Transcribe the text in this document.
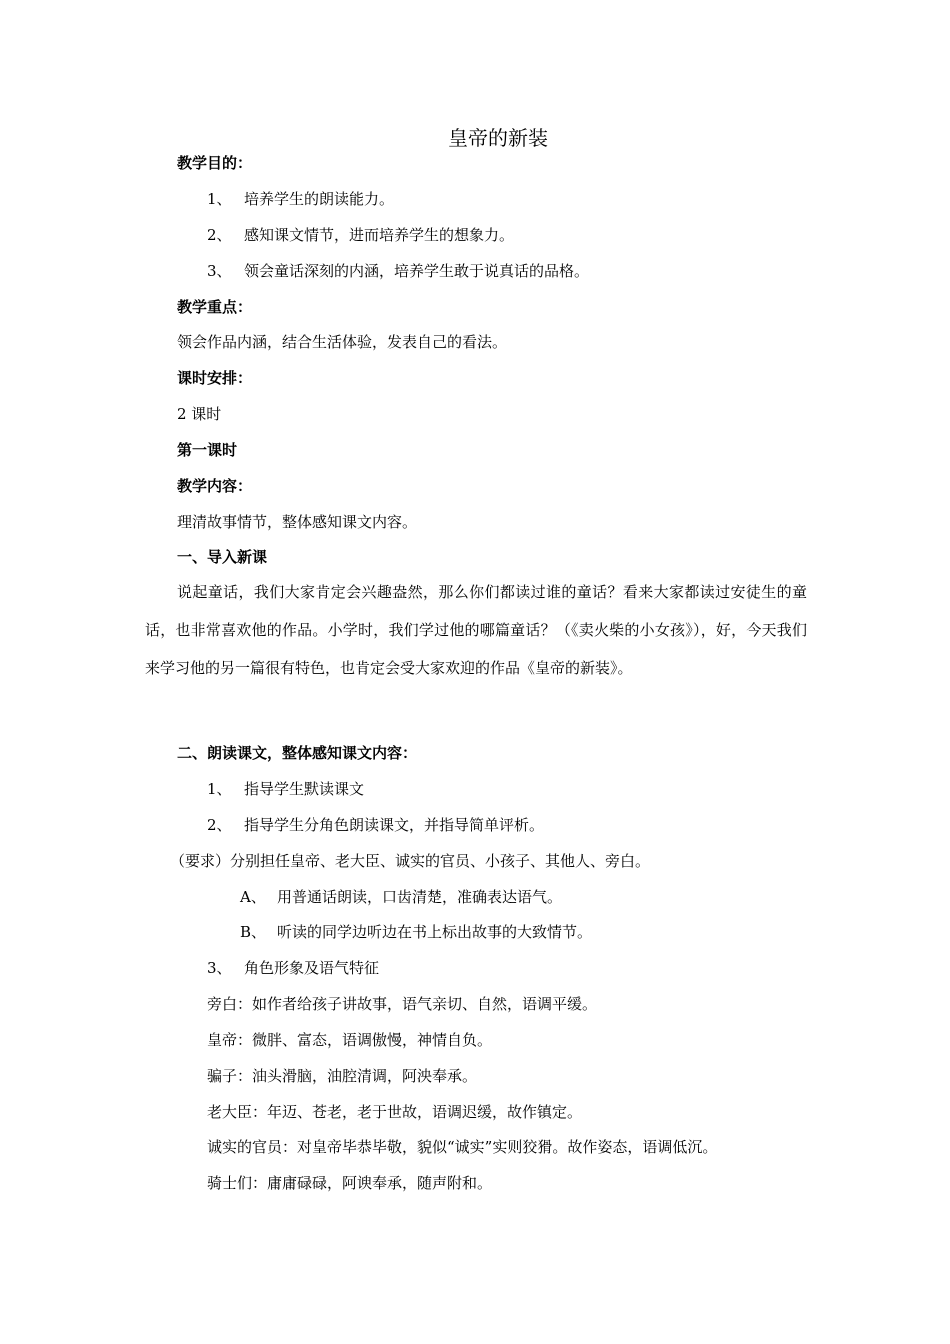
皇帝的新装
教学目的：
1、 培养学生的朗读能力。
2、 感知课文情节，进而培养学生的想象力。
3、 领会童话深刻的内涵，培养学生敢于说真话的品格。
教学重点：
领会作品内涵，结合生活体验，发表自己的看法。
课时安排：
2 课时
第一课时
教学内容：
理清故事情节，整体感知课文内容。
一、导入新课
说起童话，我们大家肯定会兴趣盎然，那么你们都读过谁的童话？看来大家都读过安徒生的童话，也非常喜欢他的作品。小学时，我们学过他的哪篇童话？（《卖火柴的小女孩》），好，今天我们来学习他的另一篇很有特色，也肯定会受大家欢迎的作品《皇帝的新装》。
二、朗读课文，整体感知课文内容：
1、 指导学生默读课文
2、 指导学生分角色朗读课文，并指导简单评析。
（要求）分别担任皇帝、老大臣、诚实的官员、小孩子、其他人、旁白。
A、 用普通话朗读，口齿清楚，准确表达语气。
B、 听读的同学边听边在书上标出故事的大致情节。
3、 角色形象及语气特征
旁白：如作者给孩子讲故事，语气亲切、自然，语调平缓。
皇帝：微胖、富态，语调傲慢，神情自负。
骗子：油头滑脑，油腔清调，阿泱奉承。
老大臣：年迈、苍老，老于世故，语调迟缓，故作镇定。
诚实的官员：对皇帝毕恭毕敬，貌似“诚实”实则狡猾。故作姿态，语调低沉。
骑士们：庸庸碌碌，阿谀奉承，随声附和。
